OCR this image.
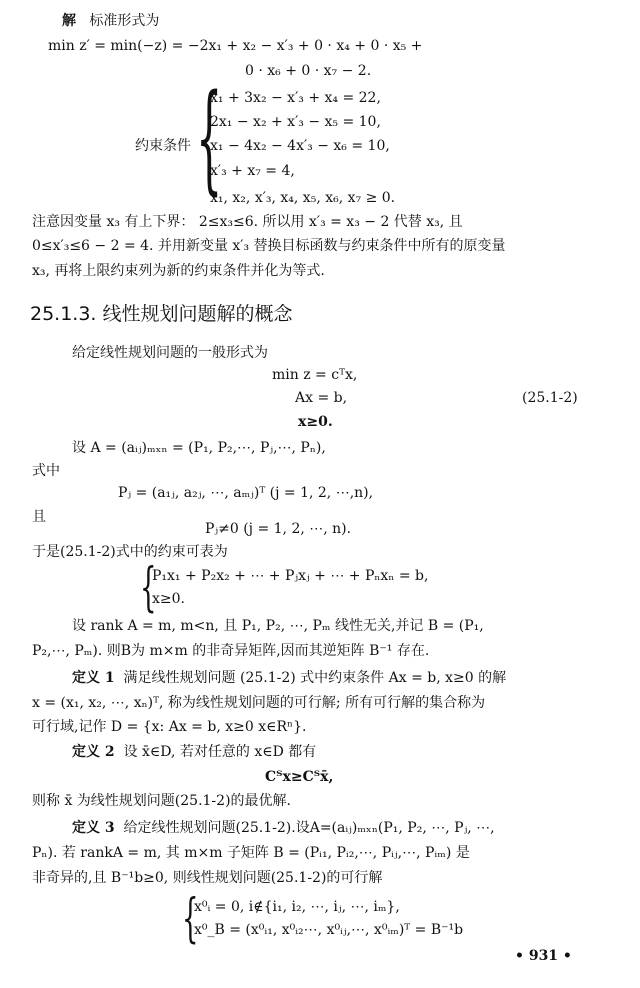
解 标准形式为
min z′ = min(−z) = −2x₁ + x₂ − x′₃ + 0 · x₄ + 0 · x₅ +
0 · x₆ + 0 · x₇ − 2.
约束条件 {
x₁ + 3x₂ − x′₃ + x₄ = 22,
2x₁ − x₂ + x′₃ − x₅ = 10,
x₁ − 4x₂ − 4x′₃ − x₆ = 10,
x′₃ + x₇ = 4,
x₁, x₂, x′₃, x₄, x₅, x₆, x₇ ≥ 0.
注意因变量 x₃ 有上下界： 2≤x₃≤6. 所以用 x′₃ = x₃ − 2 代替 x₃, 且
0≤x′₃≤6 − 2 = 4. 并用新变量 x′₃ 替换目标函数与约束条件中所有的原变量
x₃, 再将上限约束列为新的约束条件并化为等式.
25.1.3. 线性规划问题解的概念
给定线性规划问题的一般形式为
min z = cᵀx,
Ax = b,	(25.1-2)
x≥0.
设 A = (aᵢⱼ)ₘₓₙ = (P₁, P₂,⋯, Pⱼ,⋯, Pₙ),
式中
Pⱼ = (a₁ⱼ, a₂ⱼ, ⋯, aₘⱼ)ᵀ (j = 1, 2, ⋯,n),
且
Pⱼ≠0 (j = 1, 2, ⋯, n).
于是(25.1-2)式中的约束可表为
{
P₁x₁ + P₂x₂ + ⋯ + Pⱼxⱼ + ⋯ + Pₙxₙ = b,
x≥0.
设 rank A = m, m<n, 且 P₁, P₂, ⋯, Pₘ 线性无关,并记 B = (P₁,
P₂,⋯, Pₘ). 则B为 m×m 的非奇异矩阵,因而其逆矩阵 B⁻¹ 存在.
定义 1 满足线性规划问题 (25.1-2) 式中约束条件 Ax = b, x≥0 的解
x = (x₁, x₂, ⋯, xₙ)ᵀ, 称为线性规划问题的可行解; 所有可行解的集合称为
可行域,记作 D = {x: Ax = b, x≥0 x∈Rⁿ}.
定义 2 设 x̄∈D, 若对任意的 x∈D 都有
Cᵀx≥Cᵀx̄,
则称 x̄ 为线性规划问题(25.1-2)的最优解.
定义 3 给定线性规划问题(25.1-2).设A=(aᵢⱼ)ₘₓₙ(P₁, P₂, ⋯, Pⱼ, ⋯,
Pₙ). 若 rankA = m, 其 m×m 子矩阵 B = (Pᵢ₁, Pᵢ₂,⋯, Pᵢⱼ,⋯, Pᵢₘ) 是
非奇异的,且 B⁻¹b≥0, 则线性规划问题(25.1-2)的可行解
{
x⁰ᵢ = 0, i∉{i₁, i₂, ⋯, iⱼ, ⋯, iₘ},
x⁰_B = (x⁰ᵢ₁, x⁰ᵢ₂⋯, x⁰ᵢⱼ,⋯, x⁰ᵢₘ)ᵀ = B⁻¹b
• 931 •
